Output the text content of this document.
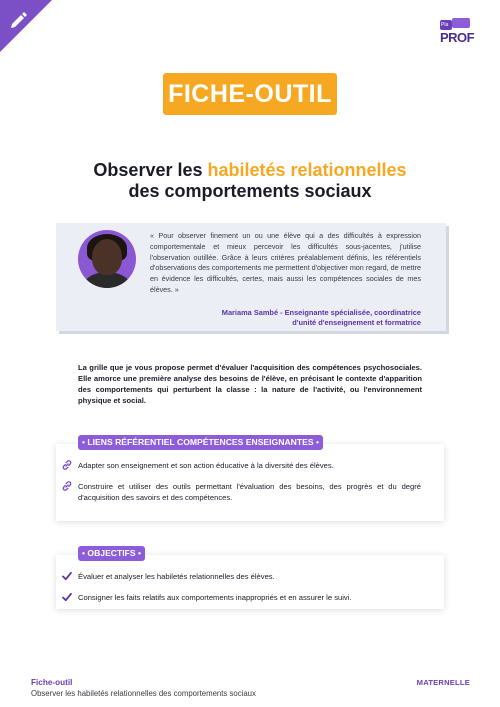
Pla
PROF
FICHE-OUTIL
Observer les habiletés relationnelles
des comportements sociaux
« Pour observer finement un ou une élève qui a des difficultés à expression comportementale et mieux percevoir les difficultés sous-jacentes, j'utilise l'observation outillée. Grâce à leurs critères préalablement définis, les référentiels d'observations des comportements me permettent d'objectiver mon regard, de mettre en évidence les difficultés, certes, mais aussi les compétences sociales de mes élèves. »
Mariama Sambé - Enseignante spécialisée, coordinatrice
d'unité d'enseignement et formatrice
La grille que je vous propose permet d'évaluer l'acquisition des compétences psychosociales. Elle amorce une première analyse des besoins de l'élève, en précisant le contexte d'apparition des comportements qui perturbent la classe : la nature de l'activité, ou l'environnement physique et social.
• LIENS RÉFÉRENTIEL COMPÉTENCES ENSEIGNANTES •
Adapter son enseignement et son action éducative à la diversité des élèves.
Construire et utiliser des outils permettant l'évaluation des besoins, des progrès et du degré d'acquisition des savoirs et des compétences.
• OBJECTIFS •
Évaluer et analyser les habiletés relationnelles des élèves.
Consigner les faits relatifs aux comportements inappropriés et en assurer le suivi.
Fiche-outil
Observer les habiletés relationnelles des comportements sociaux
MATERNELLE
